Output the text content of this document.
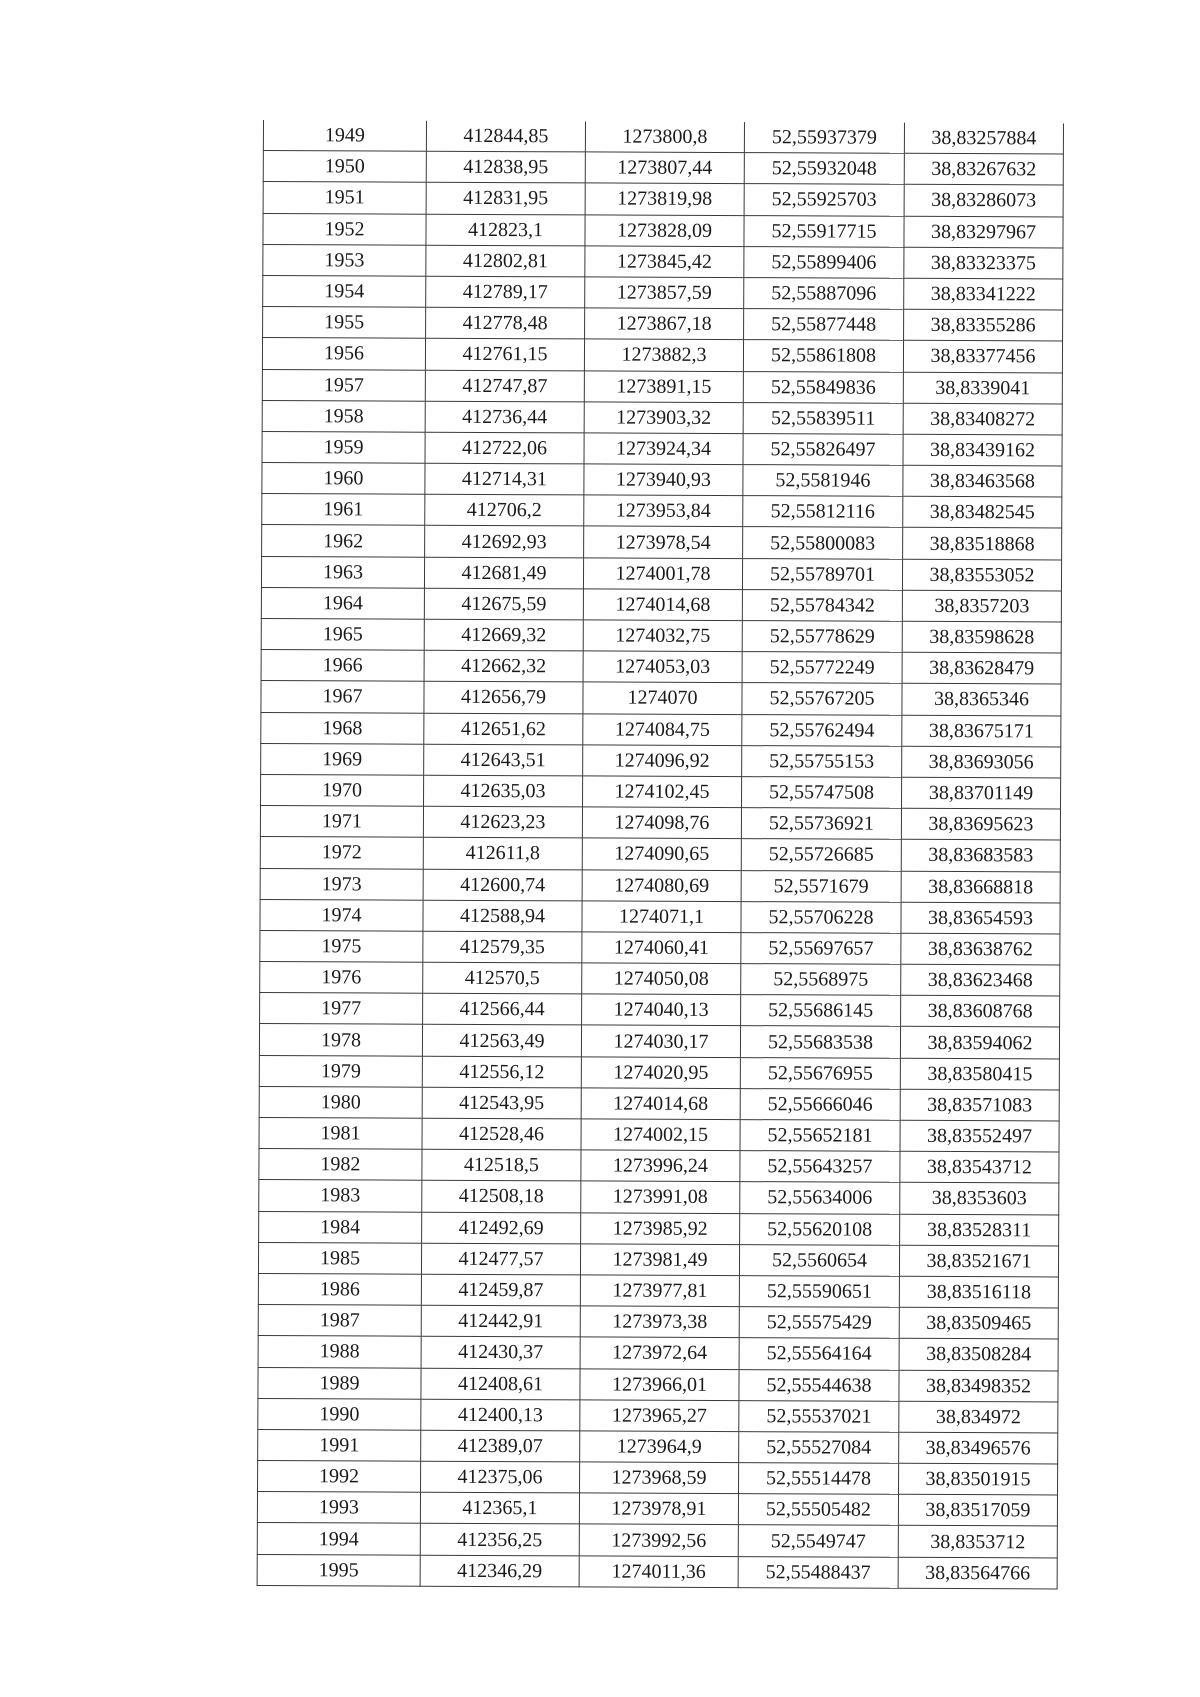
1949	412844,85	1273800,8	52,55937379	38,83257884
1950	412838,95	1273807,44	52,55932048	38,83267632
1951	412831,95	1273819,98	52,55925703	38,83286073
1952	412823,1	1273828,09	52,55917715	38,83297967
1953	412802,81	1273845,42	52,55899406	38,83323375
1954	412789,17	1273857,59	52,55887096	38,83341222
1955	412778,48	1273867,18	52,55877448	38,83355286
1956	412761,15	1273882,3	52,55861808	38,83377456
1957	412747,87	1273891,15	52,55849836	38,8339041
1958	412736,44	1273903,32	52,55839511	38,83408272
1959	412722,06	1273924,34	52,55826497	38,83439162
1960	412714,31	1273940,93	52,5581946	38,83463568
1961	412706,2	1273953,84	52,55812116	38,83482545
1962	412692,93	1273978,54	52,55800083	38,83518868
1963	412681,49	1274001,78	52,55789701	38,83553052
1964	412675,59	1274014,68	52,55784342	38,8357203
1965	412669,32	1274032,75	52,55778629	38,83598628
1966	412662,32	1274053,03	52,55772249	38,83628479
1967	412656,79	1274070	52,55767205	38,8365346
1968	412651,62	1274084,75	52,55762494	38,83675171
1969	412643,51	1274096,92	52,55755153	38,83693056
1970	412635,03	1274102,45	52,55747508	38,83701149
1971	412623,23	1274098,76	52,55736921	38,83695623
1972	412611,8	1274090,65	52,55726685	38,83683583
1973	412600,74	1274080,69	52,5571679	38,83668818
1974	412588,94	1274071,1	52,55706228	38,83654593
1975	412579,35	1274060,41	52,55697657	38,83638762
1976	412570,5	1274050,08	52,5568975	38,83623468
1977	412566,44	1274040,13	52,55686145	38,83608768
1978	412563,49	1274030,17	52,55683538	38,83594062
1979	412556,12	1274020,95	52,55676955	38,83580415
1980	412543,95	1274014,68	52,55666046	38,83571083
1981	412528,46	1274002,15	52,55652181	38,83552497
1982	412518,5	1273996,24	52,55643257	38,83543712
1983	412508,18	1273991,08	52,55634006	38,8353603
1984	412492,69	1273985,92	52,55620108	38,83528311
1985	412477,57	1273981,49	52,5560654	38,83521671
1986	412459,87	1273977,81	52,55590651	38,83516118
1987	412442,91	1273973,38	52,55575429	38,83509465
1988	412430,37	1273972,64	52,55564164	38,83508284
1989	412408,61	1273966,01	52,55544638	38,83498352
1990	412400,13	1273965,27	52,55537021	38,834972
1991	412389,07	1273964,9	52,55527084	38,83496576
1992	412375,06	1273968,59	52,55514478	38,83501915
1993	412365,1	1273978,91	52,55505482	38,83517059
1994	412356,25	1273992,56	52,5549747	38,8353712
1995	412346,29	1274011,36	52,55488437	38,83564766
